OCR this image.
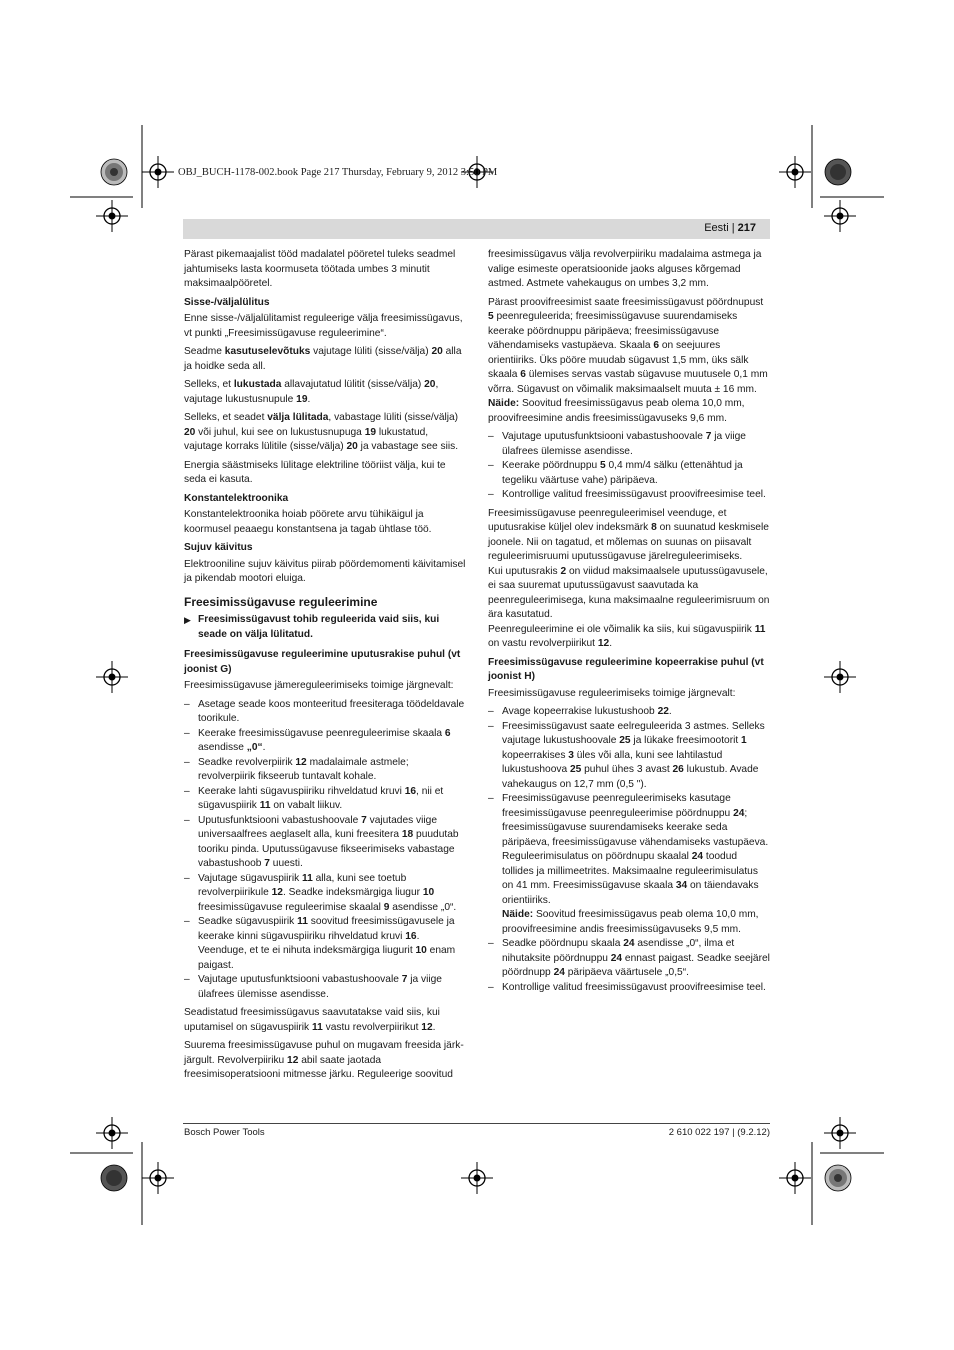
OBJ_BUCH-1178-002.book Page 217 Thursday, February 9, 2012 3:50 PM
Eesti | 217

Pärast pikemaajalist tööd madalatel pööretel tuleks seadmel jahtumiseks lasta koormuseta töötada umbes 3 minutit maksimaalpööretel.

Sisse-/väljalülitus

Enne sisse-/väljalülitamist reguleerige välja freesimissügavus, vt punkti „Freesimissügavuse reguleerimine“.

Seadme kasutuselevõtuks vajutage lüliti (sisse/välja) 20 alla ja hoidke seda all.

Selleks, et lukustada allavajutatud lülitit (sisse/välja) 20, vajutage lukustusnupule 19.

Selleks, et seadet välja lülitada, vabastage lüliti (sisse/välja) 20 või juhul, kui see on lukustusnupuga 19 lukustatud, vajutage korraks lülitile (sisse/välja) 20 ja vabastage see siis.

Energia säästmiseks lülitage elektriline tööriist välja, kui te seda ei kasuta.

Konstantelektroonika

Konstantelektroonika hoiab pöörete arvu tühikäigul ja koormusel peaaegu konstantsena ja tagab ühtlase töö.

Sujuv käivitus

Elektrooniline sujuv käivitus piirab pöördemomenti käivitamisel ja pikendab mootori eluiga.

Freesimissügavuse reguleerimine
▶ Freesimissügavust tohib reguleerida vaid siis, kui seade on välja lülitatud.
Freesimissügavuse reguleerimine uputusrakise puhul (vt joonist G)

Freesimissügavuse jämereguleerimiseks toimige järgnevalt:

– Asetage seade koos monteeritud freesiteraga töödeldavale toorikule.
– Keerake freesimissügavuse peenreguleerimise skaala 6 asendisse „0“.
– Seadke revolverpiirik 12 madalaimale astmele; revolverpiirik fikseerub tuntavalt kohale.
– Keerake lahti sügavuspiiriku rihveldatud kruvi 16, nii et sügavuspiirik 11 on vabalt liikuv.
– Uputusfunktsiooni vabastushoovale 7 vajutades viige universaalfrees aeglaselt alla, kuni freesitera 18 puudutab tooriku pinda. Uputussügavuse fikseerimiseks vabastage vabastushoob 7 uuesti.
– Vajutage sügavuspiirik 11 alla, kuni see toetub revolverpiirikule 12. Seadke indeksmärgiga liugur 10 freesimissügavuse reguleerimise skaalal 9 asendisse „0“.
– Seadke sügavuspiirik 11 soovitud freesimissügavusele ja keerake kinni sügavuspiiriku rihveldatud kruvi 16. Veenduge, et te ei nihuta indeksmärgiga liugurit 10 enam paigast.
– Vajutage uputusfunktsiooni vabastushoovale 7 ja viige ülafrees ülemisse asendisse.

Seadistatud freesimissügavus saavutatakse vaid siis, kui uputamisel on sügavuspiirik 11 vastu revolverpiirikut 12.

Suurema freesimissügavuse puhul on mugavam freesida järk-järgult. Revolverpiiriku 12 abil saate jaotada freesimisoperatsiooni mitmesse järku. Reguleerige soovitud

freesimissügavus välja revolverpiiriku madalaima astmega ja valige esimeste operatsioonide jaoks alguses kõrgemad astmed. Astmete vahekaugus on umbes 3,2 mm.

Pärast proovifreesimist saate freesimissügavust pöördnupust 5 peenreguleerida; freesimissügavuse suurendamiseks keerake pöördnuppu päripäeva; freesimissügavuse vähendamiseks vastupäeva. Skaala 6 on seejuures orientiiriks. Üks pööre muudab sügavust 1,5 mm, üks sälk skaala 6 ülemises servas vastab sügavuse muutusele 0,1 mm võrra. Sügavust on võimalik maksimaalselt muuta ± 16 mm.

Näide: Soovitud freesimissügavus peab olema 10,0 mm, proovifreesimine andis freesimissügavuseks 9,6 mm.

– Vajutage uputusfunktsiooni vabastushoovale 7 ja viige ülafrees ülemisse asendisse.
– Keerake pöördnuppu 5 0,4 mm/4 sälku (ettenähtud ja tegeliku väärtuse vahe) päripäeva.
– Kontrollige valitud freesimissügavust proovifreesimise teel.

Freesimissügavuse peenreguleerimisel veenduge, et uputusrakise küljel olev indeksmärk 8 on suunatud keskmisele joonele. Nii on tagatud, et mõlemas on suunas on piisavalt reguleerimisruumi uputussügavuse järelreguleerimiseks.

Kui uputusrakis 2 on viidud maksimaalsele uputussügavusele, ei saa suuremat uputussügavust saavutada ka peenreguleerimisega, kuna maksimaalne reguleerimisruum on ära kasutatud.

Peenreguleerimine ei ole võimalik ka siis, kui sügavuspiirik 11 on vastu revolverpiirikut 12.

Freesimissügavuse reguleerimine kopeerrakise puhul (vt joonist H)

Freesimissügavuse reguleerimiseks toimige järgnevalt:

– Avage kopeerrakise lukustushoob 22.
– Freesimissügavust saate eelreguleerida 3 astmes. Selleks vajutage lukustushoovale 25 ja lükake freesimootorit 1 kopeerrakises 3 üles või alla, kuni see lahtilastud lukustushoova 25 puhul ühes 3 avast 26 lukustub. Avade vahekaugus on 12,7 mm (0,5 ").
– Freesimissügavuse peenreguleerimiseks kasutage freesimissügavuse peenreguleerimise pöördnuppu 24; freesimissügavuse suurendamiseks keerake seda päripäeva, freesimissügavuse vähendamiseks vastupäeva. Reguleerimisulatus on pöördnupu skaalal 24 toodud tollides ja millimeetrites. Maksimaalne reguleerimisulatus on 41 mm. Freesimissügavuse skaala 34 on täiendavaks orientiiriks.
Näide: Soovitud freesimissügavus peab olema 10,0 mm, proovifreesimine andis freesimissügavuseks 9,5 mm.
– Seadke pöördnupu skaala 24 asendisse „0“, ilma et nihutaksite pöördnuppu 24 ennast paigast. Seadke seejärel pöördnupp 24 päripäeva väärtusele „0,5“.
– Kontrollige valitud freesimissügavust proovifreesimise teel.
Bosch Power Tools	2 610 022 197 | (9.2.12)
